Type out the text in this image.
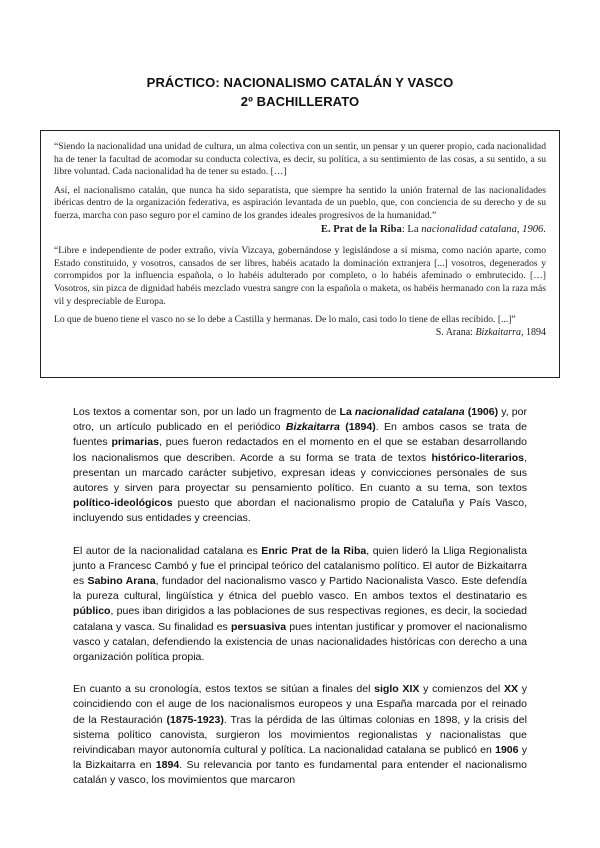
PRÁCTICO: NACIONALISMO CATALÁN Y VASCO
2º BACHILLERATO

“Siendo la nacionalidad una unidad de cultura, un alma colectiva con un sentir, un pensar y un querer propio, cada nacionalidad ha de tener la facultad de acomodar su conducta colectiva, es decir, su política, a su sentimiento de las cosas, a su sentido, a su libre voluntad. Cada nacionalidad ha de tener su estado. […]

Así, el nacionalismo catalán, que nunca ha sido separatista, que siempre ha sentido la unión fraternal de las nacionalidades ibéricas dentro de la organización federativa, es aspiración levantada de un pueblo, que, con conciencia de su derecho y de su fuerza, marcha con paso seguro por el camino de los grandes ideales progresivos de la humanidad.”

E. Prat de la Riba: La nacionalidad catalana, 1906.

“Libre e independiente de poder extraño, vivía Vizcaya, gobernándose y legislándose a sí misma, como nación aparte, como Estado constituido, y vosotros, cansados de ser libres, habéis acatado la dominación extranjera [...] vosotros, degenerados y corrompidos por la influencia española, o lo habéis adulterado por completo, o lo habéis afeminado o embrutecido. […] Vosotros, sin pizca de dignidad habéis mezclado vuestra sangre con la española o maketa, os habéis hermanado con la raza más vil y despreciable de Europa.

Lo que de bueno tiene el vasco no se lo debe a Castilla y hermanas. De lo malo, casi todo lo tiene de ellas recibido. [...]”

S. Arana: Bizkaitarra, 1894

Los textos a comentar son, por un lado un fragmento de La nacionalidad catalana (1906) y, por otro, un artículo publicado en el periódico Bizkaitarra (1894). En ambos casos se trata de fuentes primarias, pues fueron redactados en el momento en el que se estaban desarrollando los nacionalismos que describen. Acorde a su forma se trata de textos histórico-literarios, presentan un marcado carácter subjetivo, expresan ideas y convicciones personales de sus autores y sirven para proyectar su pensamiento político. En cuanto a su tema, son textos político-ideológicos puesto que abordan el nacionalismo propio de Cataluña y País Vasco, incluyendo sus entidades y creencias.

El autor de la nacionalidad catalana es Enric Prat de la Riba, quien lideró la Lliga Regionalista junto a Francesc Cambó y fue el principal teórico del catalanismo político. El autor de Bizkaitarra es Sabino Arana, fundador del nacionalismo vasco y Partido Nacionalista Vasco. Este defendía la pureza cultural, lingüística y étnica del pueblo vasco. En ambos textos el destinatario es público, pues iban dirigidos a las poblaciones de sus respectivas regiones, es decir, la sociedad catalana y vasca. Su finalidad es persuasiva pues intentan justificar y promover el nacionalismo vasco y catalan, defendiendo la existencia de unas nacionalidades históricas con derecho a una organización política propia.

En cuanto a su cronología, estos textos se sitúan a finales del siglo XIX y comienzos del XX y coincidiendo con el auge de los nacionalismos europeos y una España marcada por el reinado de la Restauración (1875-1923). Tras la pérdida de las últimas colonias en 1898, y la crisis del sistema político canovista, surgieron los movimientos regionalistas y nacionalistas que reivindicaban mayor autonomía cultural y política. La nacionalidad catalana se publicó en 1906 y la Bizkaitarra en 1894. Su relevancia por tanto es fundamental para entender el nacionalismo catalán y vasco, los movimientos que marcaron
